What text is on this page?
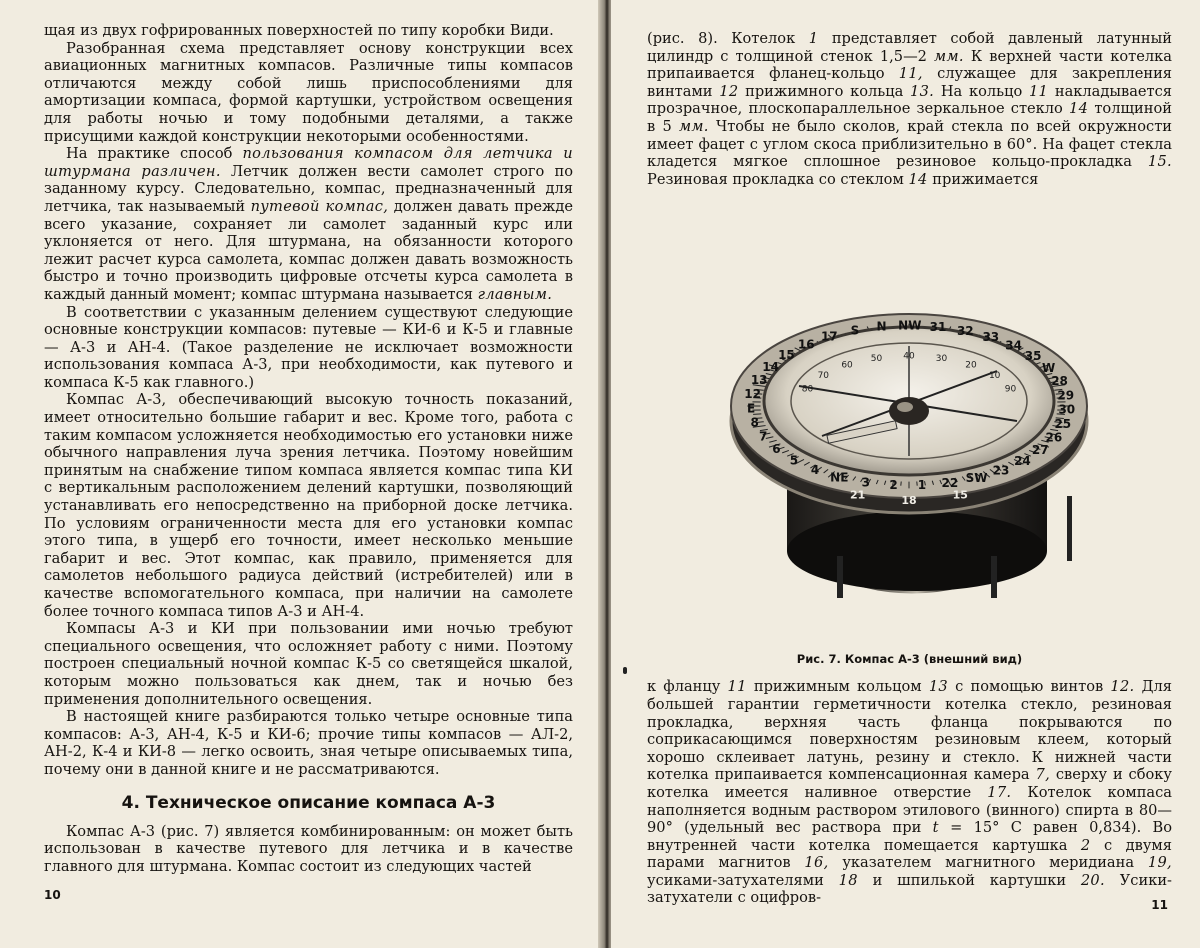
щая из двух гофрированных поверхностей по типу коробки Види.

Разобранная схема представляет основу конструкции всех авиационных магнитных компасов. Различные типы компасов отличаются между собой лишь приспособлениями для амортизации компаса, формой картушки, устройством освещения для работы ночью и тому подобными деталями, а также присущими каждой конструкции некоторыми особенностями.

На практике способ пользования компасом для летчика и штурмана различен. Летчик должен вести самолет строго по заданному курсу. Следовательно, компас, предназначенный для летчика, так называемый путевой компас, должен давать прежде всего указание, сохраняет ли самолет заданный курс или уклоняется от него. Для штурмана, на обязанности которого лежит расчет курса самолета, компас должен давать возможность быстро и точно производить цифровые отсчеты курса самолета в каждый данный момент; компас штурмана называется главным.

В соответствии с указанным делением существуют следующие основные конструкции компасов: путевые — КИ-6 и К-5 и главные — А-3 и АН-4. (Такое разделение не исключает возможности использования компаса А-3, при необходимости, как путевого и компаса К-5 как главного.)

Компас А-3, обеспечивающий высокую точность показаний, имеет относительно большие габарит и вес. Кроме того, работа с таким компасом усложняется необходимостью его установки ниже обычного направления луча зрения летчика. Поэтому новейшим принятым на снабжение типом компаса является компас типа КИ с вертикальным расположением делений картушки, позволяющий устанавливать его непосредственно на приборной доске летчика. По условиям ограниченности места для его установки компас этого типа, в ущерб его точности, имеет несколько меньшие габарит и вес. Этот компас, как правило, применяется для самолетов небольшого радиуса действий (истребителей) или в качестве вспомогательного компаса, при наличии на самолете более точного компаса типов А-3 и АН-4.

Компасы А-3 и КИ при пользовании ими ночью требуют специального освещения, что осложняет работу с ними. Поэтому построен специальный ночной компас К-5 со светящейся шкалой, которым можно пользоваться как днем, так и ночью без применения дополнительного освещения.

В настоящей книге разбираются только четыре основные типа компасов: А-3, АН-4, К-5 и КИ-6; прочие типы компасов — АЛ-2, АН-2, К-4 и КИ-8 — легко освоить, зная четыре описываемых типа, почему они в данной книге и не рассматриваются.

4. Техническое описание компаса А-3

Компас А-3 (рис. 7) является комбинированным: он может быть использован в качестве путевого для летчика и в качестве главного для штурмана. Компас состоит из следующих частей

10

(рис. 8). Котелок 1 представляет собой давленый латунный цилиндр с толщиной стенок 1,5—2 мм. К верхней части котелка припаивается фланец-кольцо 11, служащее для закрепления винтами 12 прижимного кольца 13. На кольцо 11 накладывается прозрачное, плоскопараллельное зеркальное стекло 14 толщиной в 5 мм. Чтобы не было сколов, край стекла по всей окружности имеет фацет с углом скоса приблизительно в 60°. На фацет стекла кладется мягкое сплошное резиновое кольцо-прокладка 15. Резиновая прокладка со стеклом 14 прижимается

N NW 31 32 33
34
35
W
28
29
30
25
26
27
24
23
SW
22
1
2
3
NE
4
5
6
7
8
E
12
13
14
15
16
17 S
80
70
60
50 40 30
20
10
90
21	18	15
Рис. 7. Компас А-3 (внешний вид)

к фланцу 11 прижимным кольцом 13 с помощью винтов 12. Для большей гарантии герметичности котелка стекло, резиновая прокладка, верхняя часть фланца покрываются по соприкасающимся поверхностям резиновым клеем, который хорошо склеивает латунь, резину и стекло. К нижней части котелка припаивается компенсационная камера 7, сверху и сбоку котелка имеется наливное отверстие 17. Котелок компаса наполняется водным раствором этилового (винного) спирта в 80—90° (удельный вес раствора при t = 15° С равен 0,834). Во внутренней части котелка помещается картушка 2 с двумя парами магнитов 16, указателем магнитного меридиана 19, усиками-затухателями 18 и шпилькой картушки 20. Усики-затухатели с оцифров-	11
